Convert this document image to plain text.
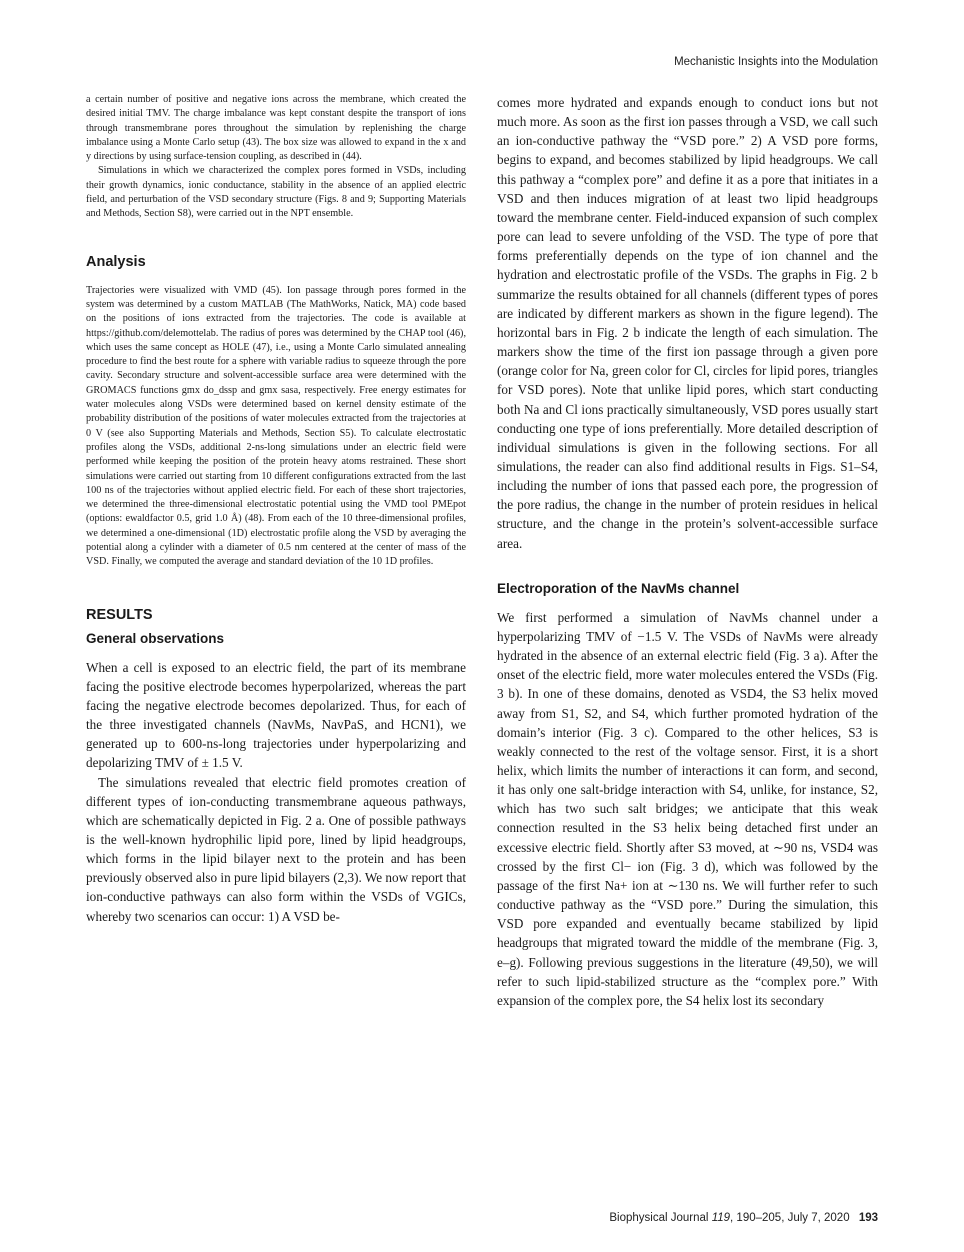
Mechanistic Insights into the Modulation

a certain number of positive and negative ions across the membrane, which created the desired initial TMV. The charge imbalance was kept constant despite the transport of ions through transmembrane pores throughout the simulation by replenishing the charge imbalance using a Monte Carlo setup (43). The box size was allowed to expand in the x and y directions by using surface-tension coupling, as described in (44).

Simulations in which we characterized the complex pores formed in VSDs, including their growth dynamics, ionic conductance, stability in the absence of an applied electric field, and perturbation of the VSD secondary structure (Figs. 8 and 9; Supporting Materials and Methods, Section S8), were carried out in the NPT ensemble.

Analysis

Trajectories were visualized with VMD (45). Ion passage through pores formed in the system was determined by a custom MATLAB (The MathWorks, Natick, MA) code based on the positions of ions extracted from the trajectories. The code is available at https://github.com/delemottelab. The radius of pores was determined by the CHAP tool (46), which uses the same concept as HOLE (47), i.e., using a Monte Carlo simulated annealing procedure to find the best route for a sphere with variable radius to squeeze through the pore cavity. Secondary structure and solvent-accessible surface area were determined with the GROMACS functions gmx do_dssp and gmx sasa, respectively. Free energy estimates for water molecules along VSDs were determined based on kernel density estimate of the probability distribution of the positions of water molecules extracted from the trajectories at 0 V (see also Supporting Materials and Methods, Section S5). To calculate electrostatic profiles along the VSDs, additional 2-ns-long simulations under an electric field were performed while keeping the position of the protein heavy atoms restrained. These short simulations were carried out starting from 10 different configurations extracted from the last 100 ns of the trajectories without applied electric field. For each of these short trajectories, we determined the three-dimensional electrostatic potential using the VMD tool PMEpot (options: ewaldfactor 0.5, grid 1.0 Å) (48). From each of the 10 three-dimensional profiles, we determined a one-dimensional (1D) electrostatic profile along the VSD by averaging the potential along a cylinder with a diameter of 0.5 nm centered at the center of mass of the VSD. Finally, we computed the average and standard deviation of the 10 1D profiles.

RESULTS
General observations

When a cell is exposed to an electric field, the part of its membrane facing the positive electrode becomes hyperpolarized, whereas the part facing the negative electrode becomes depolarized. Thus, for each of the three investigated channels (NavMs, NavPaS, and HCN1), we generated up to 600-ns-long trajectories under hyperpolarizing and depolarizing TMV of ± 1.5 V.

The simulations revealed that electric field promotes creation of different types of ion-conducting transmembrane aqueous pathways, which are schematically depicted in Fig. 2 a. One of possible pathways is the well-known hydrophilic lipid pore, lined by lipid headgroups, which forms in the lipid bilayer next to the protein and has been previously observed also in pure lipid bilayers (2,3). We now report that ion-conductive pathways can also form within the VSDs of VGICs, whereby two scenarios can occur: 1) A VSD be-

comes more hydrated and expands enough to conduct ions but not much more. As soon as the first ion passes through a VSD, we call such an ion-conductive pathway the “VSD pore.” 2) A VSD pore forms, begins to expand, and becomes stabilized by lipid headgroups. We call this pathway a “complex pore” and define it as a pore that initiates in a VSD and then induces migration of at least two lipid headgroups toward the membrane center. Field-induced expansion of such complex pore can lead to severe unfolding of the VSD. The type of pore that forms preferentially depends on the type of ion channel and the hydration and electrostatic profile of the VSDs. The graphs in Fig. 2 b summarize the results obtained for all channels (different types of pores are indicated by different markers as shown in the figure legend). The horizontal bars in Fig. 2 b indicate the length of each simulation. The markers show the time of the first ion passage through a given pore (orange color for Na, green color for Cl, circles for lipid pores, triangles for VSD pores). Note that unlike lipid pores, which start conducting both Na and Cl ions practically simultaneously, VSD pores usually start conducting one type of ions preferentially. More detailed description of individual simulations is given in the following sections. For all simulations, the reader can also find additional results in Figs. S1–S4, including the number of ions that passed each pore, the progression of the pore radius, the change in the number of protein residues in helical structure, and the change in the protein’s solvent-accessible surface area.

Electroporation of the NavMs channel

We first performed a simulation of NavMs channel under a hyperpolarizing TMV of −1.5 V. The VSDs of NavMs were already hydrated in the absence of an external electric field (Fig. 3 a). After the onset of the electric field, more water molecules entered the VSDs (Fig. 3 b). In one of these domains, denoted as VSD4, the S3 helix moved away from S1, S2, and S4, which further promoted hydration of the domain’s interior (Fig. 3 c). Compared to the other helices, S3 is weakly connected to the rest of the voltage sensor. First, it is a short helix, which limits the number of interactions it can form, and second, it has only one salt-bridge interaction with S4, unlike, for instance, S2, which has two such salt bridges; we anticipate that this weak connection resulted in the S3 helix being detached first under an excessive electric field. Shortly after S3 moved, at ∼90 ns, VSD4 was crossed by the first Cl− ion (Fig. 3 d), which was followed by the passage of the first Na+ ion at ∼130 ns. We will further refer to such conductive pathway as the “VSD pore.” During the simulation, this VSD pore expanded and eventually became stabilized by lipid headgroups that migrated toward the middle of the membrane (Fig. 3, e–g). Following previous suggestions in the literature (49,50), we will refer to such lipid-stabilized structure as the “complex pore.” With expansion of the complex pore, the S4 helix lost its secondary

Biophysical Journal 119, 190–205, July 7, 2020 193
